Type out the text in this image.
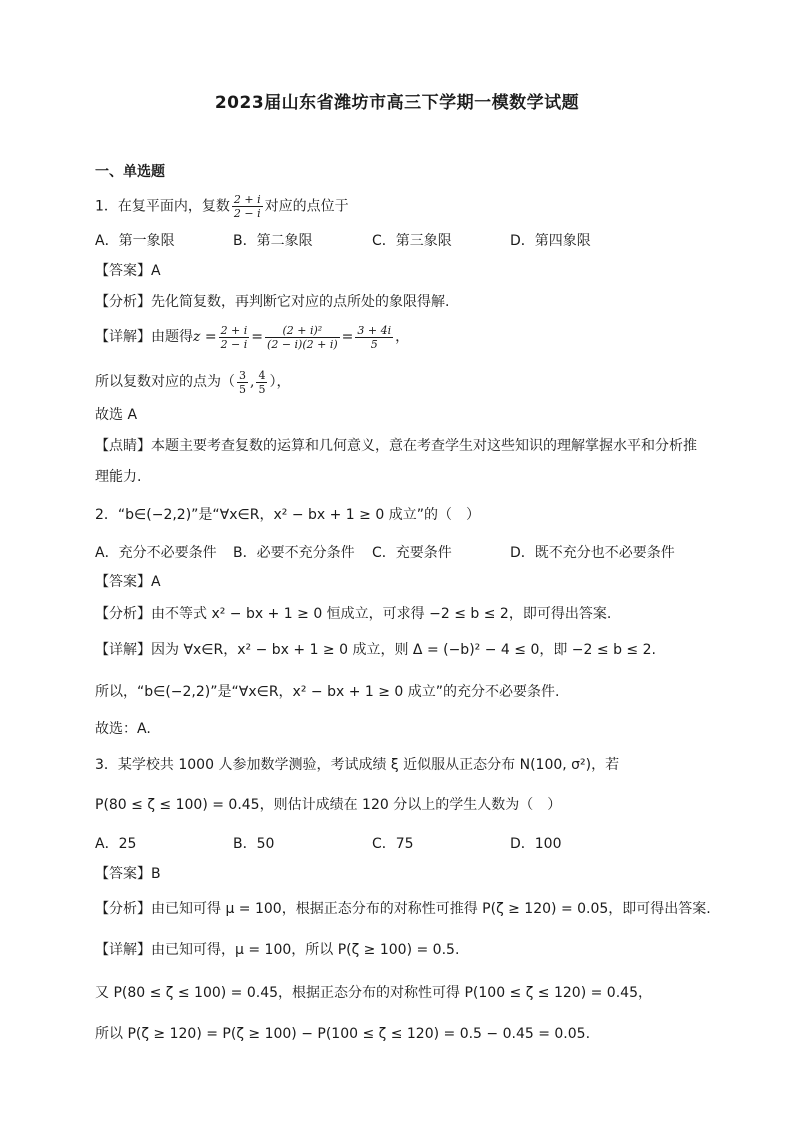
2023届山东省潍坊市高三下学期一模数学试题
一、单选题
1．在复平面内，复数 $\frac{2 + i}{2 - i}$ 对应的点位于
A．第一象限	B．第二象限	C．第三象限	D．第四象限
【答案】A
【分析】先化简复数，再判断它对应的点所处的象限得解.
【详解】由题得$z = \frac{2 + i}{2 - i} = \frac{\text{(2 + i)²}}{(2 - i)(2 + i)} = \frac{3 + 4i}{5}$ ，
所以复数对应的点为（ $\frac{3}{5}$ , $\frac{4}{5}$ ），
故选 A
【点睛】本题主要考查复数的运算和几何意义，意在考查学生对这些知识的理解掌握水平和分析推
理能力.
2．“b∈(−2,2)”是“∀x∈R，x² − bx + 1 ≥ 0 成立”的（　）
A．充分不必要条件 B．必要不充分条件 C．充要条件	D．既不充分也不必要条件
【答案】A
【分析】由不等式 x² − bx + 1 ≥ 0 恒成立，可求得 −2 ≤ b ≤ 2，即可得出答案.
【详解】因为 ∀x∈R，x² − bx + 1 ≥ 0 成立，则 Δ = (−b)² − 4 ≤ 0，即 −2 ≤ b ≤ 2.
所以，“b∈(−2,2)”是“∀x∈R，x² − bx + 1 ≥ 0 成立”的充分不必要条件.
故选：A.
3．某学校共 1000 人参加数学测验，考试成绩 ξ 近似服从正态分布 N(100, σ²)，若
P(80 ≤ ζ ≤ 100) = 0.45，则估计成绩在 120 分以上的学生人数为（　）
A．25	B．50	C．75	D．100
【答案】B
【分析】由已知可得 μ = 100，根据正态分布的对称性可推得 P(ζ ≥ 120) = 0.05，即可得出答案.
【详解】由已知可得，μ = 100，所以 P(ζ ≥ 100) = 0.5.
又 P(80 ≤ ζ ≤ 100) = 0.45，根据正态分布的对称性可得 P(100 ≤ ζ ≤ 120) = 0.45，
所以 P(ζ ≥ 120) = P(ζ ≥ 100) − P(100 ≤ ζ ≤ 120) = 0.5 − 0.45 = 0.05.
